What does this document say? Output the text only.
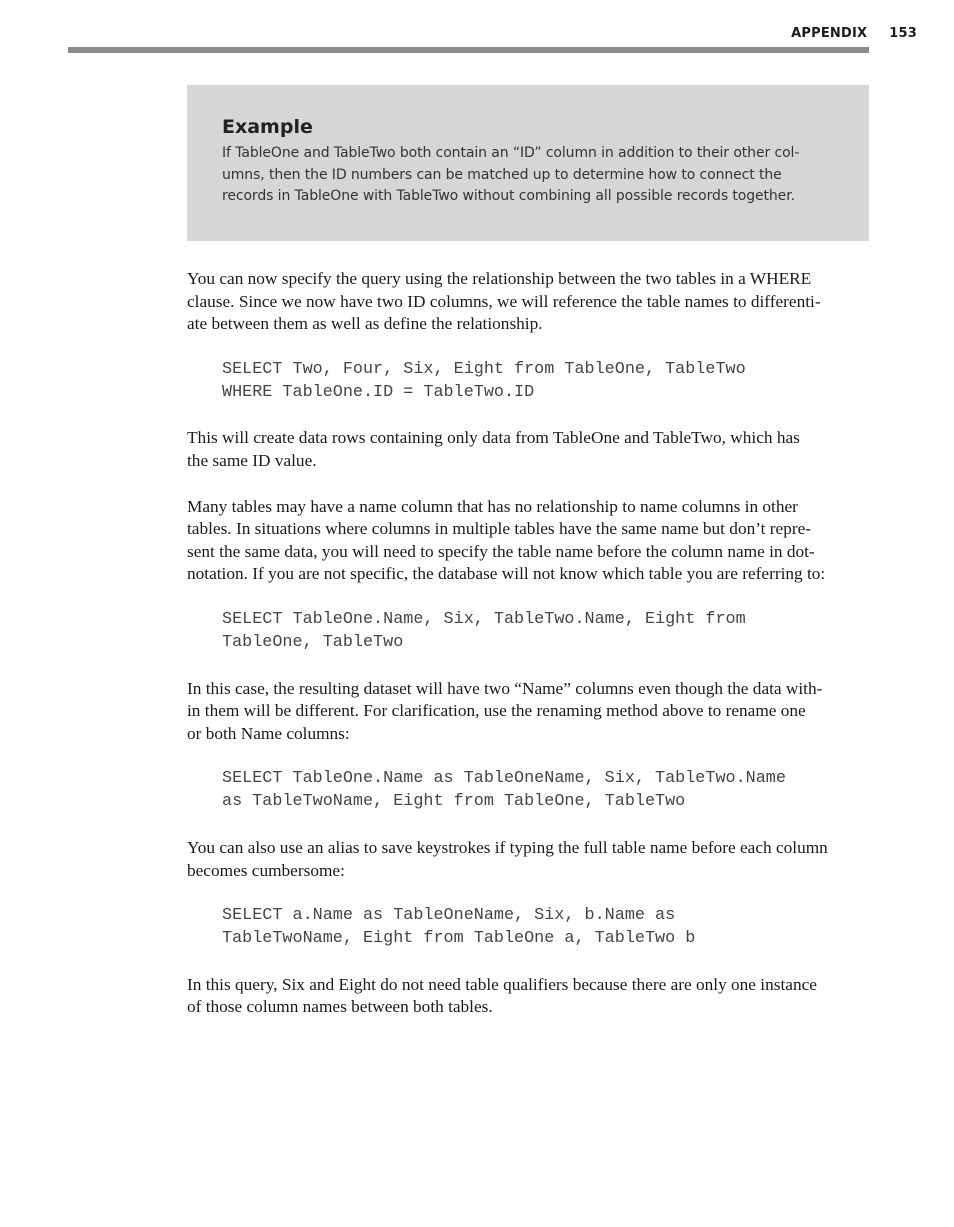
APPENDIX 153
Example

If TableOne and TableTwo both contain an “ID” column in addition to their other col-
umns, then the ID numbers can be matched up to determine how to connect the
records in TableOne with TableTwo without combining all possible records together.

You can now specify the query using the relationship between the two tables in a WHERE
clause. Since we now have two ID columns, we will reference the table names to differenti-
ate between them as well as define the relationship.

SELECT Two, Four, Six, Eight from TableOne, TableTwo
WHERE TableOne.ID = TableTwo.ID

This will create data rows containing only data from TableOne and TableTwo, which has
the same ID value.

Many tables may have a name column that has no relationship to name columns in other
tables. In situations where columns in multiple tables have the same name but don’t repre-
sent the same data, you will need to specify the table name before the column name in dot-
notation. If you are not specific, the database will not know which table you are referring to:

SELECT TableOne.Name, Six, TableTwo.Name, Eight from
TableOne, TableTwo

In this case, the resulting dataset will have two “Name” columns even though the data with-
in them will be different. For clarification, use the renaming method above to rename one
or both Name columns:

SELECT TableOne.Name as TableOneName, Six, TableTwo.Name
as TableTwoName, Eight from TableOne, TableTwo

You can also use an alias to save keystrokes if typing the full table name before each column
becomes cumbersome:

SELECT a.Name as TableOneName, Six, b.Name as
TableTwoName, Eight from TableOne a, TableTwo b

In this query, Six and Eight do not need table qualifiers because there are only one instance
of those column names between both tables.
